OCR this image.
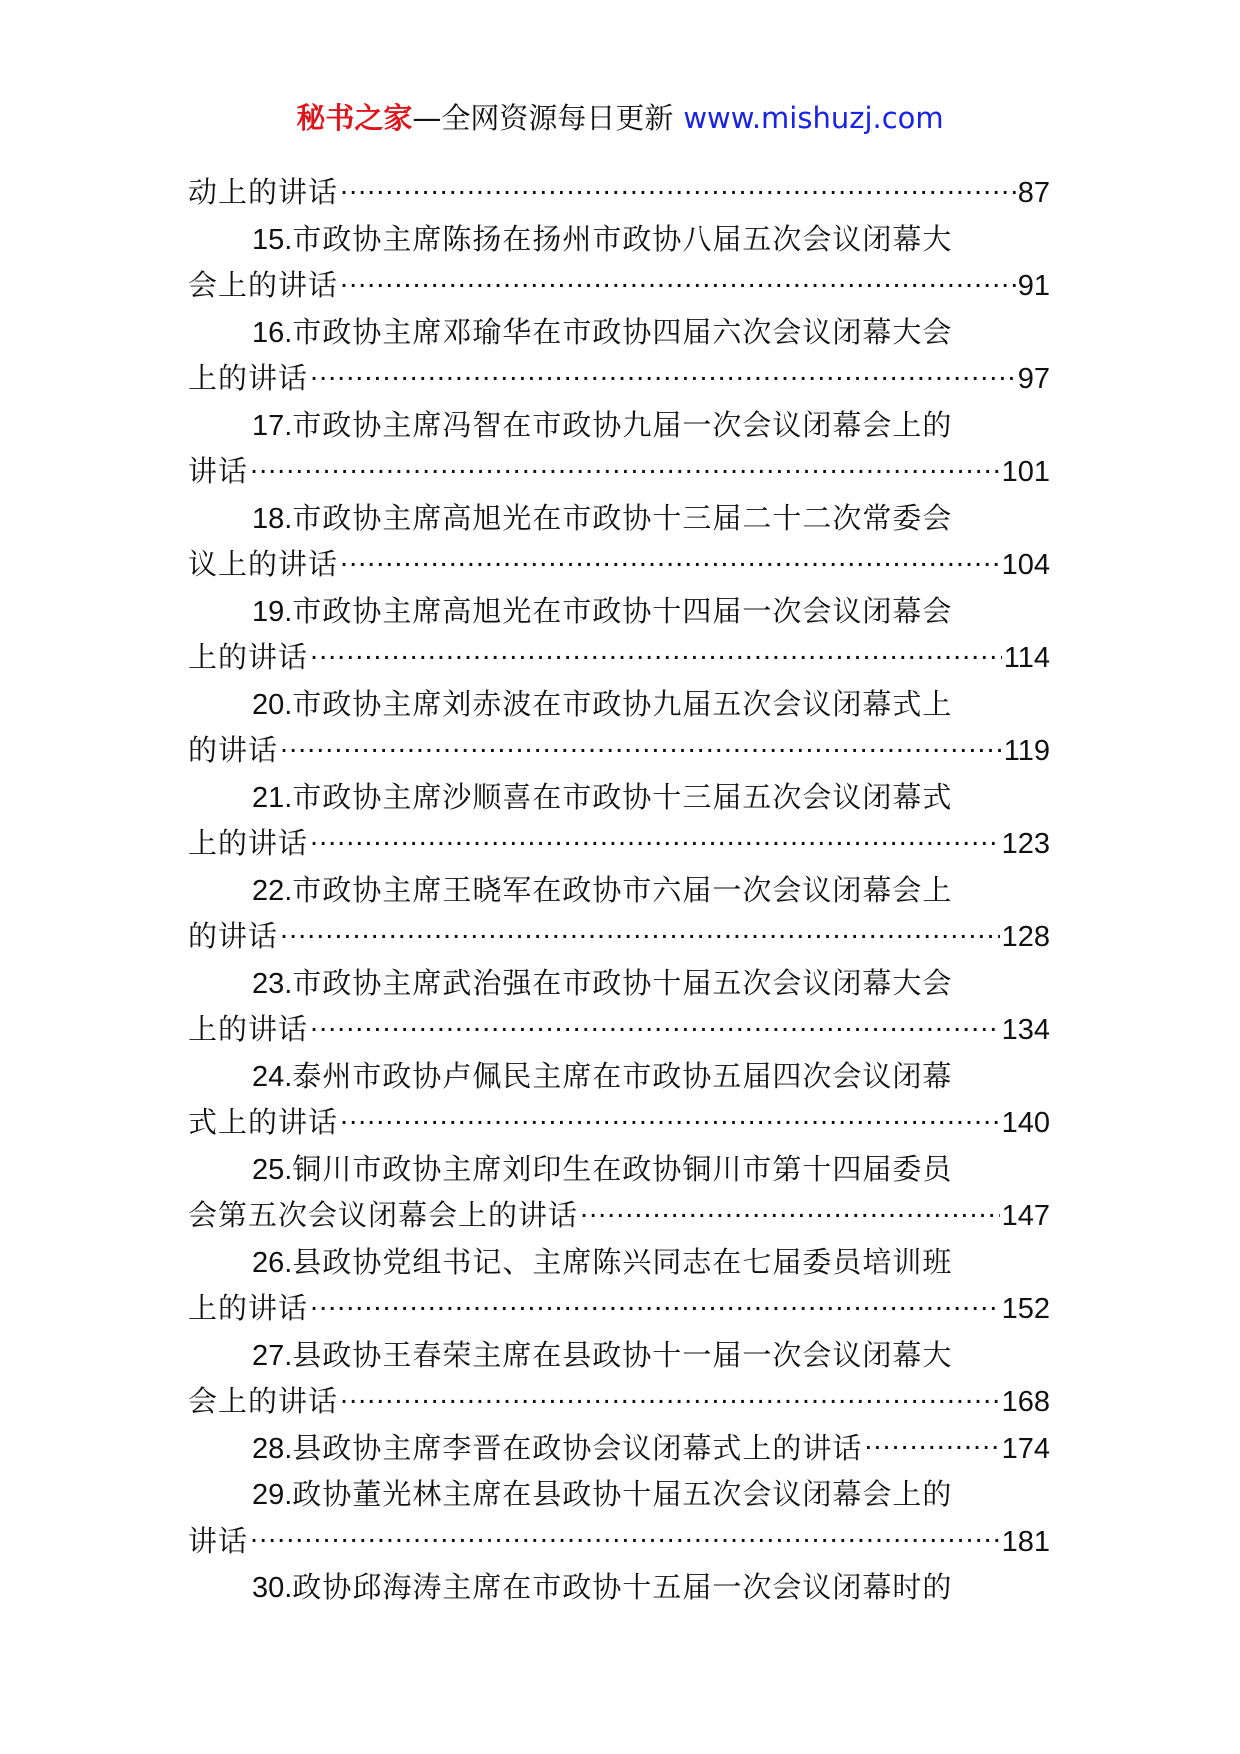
秘书之家—全网资源每日更新 www.mishuzj.com
动上的讲话 .....	87
15.市政协主席陈扬在扬州市政协八届五次会议闭幕大
会上的讲话 .....	91
16.市政协主席邓瑜华在市政协四届六次会议闭幕大会
上的讲话 .....	97
17.市政协主席冯智在市政协九届一次会议闭幕会上的
讲话 .....	101
18.市政协主席高旭光在市政协十三届二十二次常委会
议上的讲话 .....	104
19.市政协主席高旭光在市政协十四届一次会议闭幕会
上的讲话 .....	114
20.市政协主席刘赤波在市政协九届五次会议闭幕式上
的讲话 .....	119
21.市政协主席沙顺喜在市政协十三届五次会议闭幕式
上的讲话 .....	123
22.市政协主席王晓军在政协市六届一次会议闭幕会上
的讲话 .....	128
23.市政协主席武治强在市政协十届五次会议闭幕大会
上的讲话 .....	134
24.泰州市政协卢佩民主席在市政协五届四次会议闭幕
式上的讲话 .....	140
25.铜川市政协主席刘印生在政协铜川市第十四届委员
会第五次会议闭幕会上的讲话 .....	147
26.县政协党组书记、主席陈兴同志在七届委员培训班
上的讲话 .....	152
27.县政协王春荣主席在县政协十一届一次会议闭幕大
会上的讲话 .....	168
28. 县政协主席李晋在政协会议闭幕式上的讲话 .....	174
29.政协董光林主席在县政协十届五次会议闭幕会上的
讲话 .....	181
30.政协邱海涛主席在市政协十五届一次会议闭幕时的
